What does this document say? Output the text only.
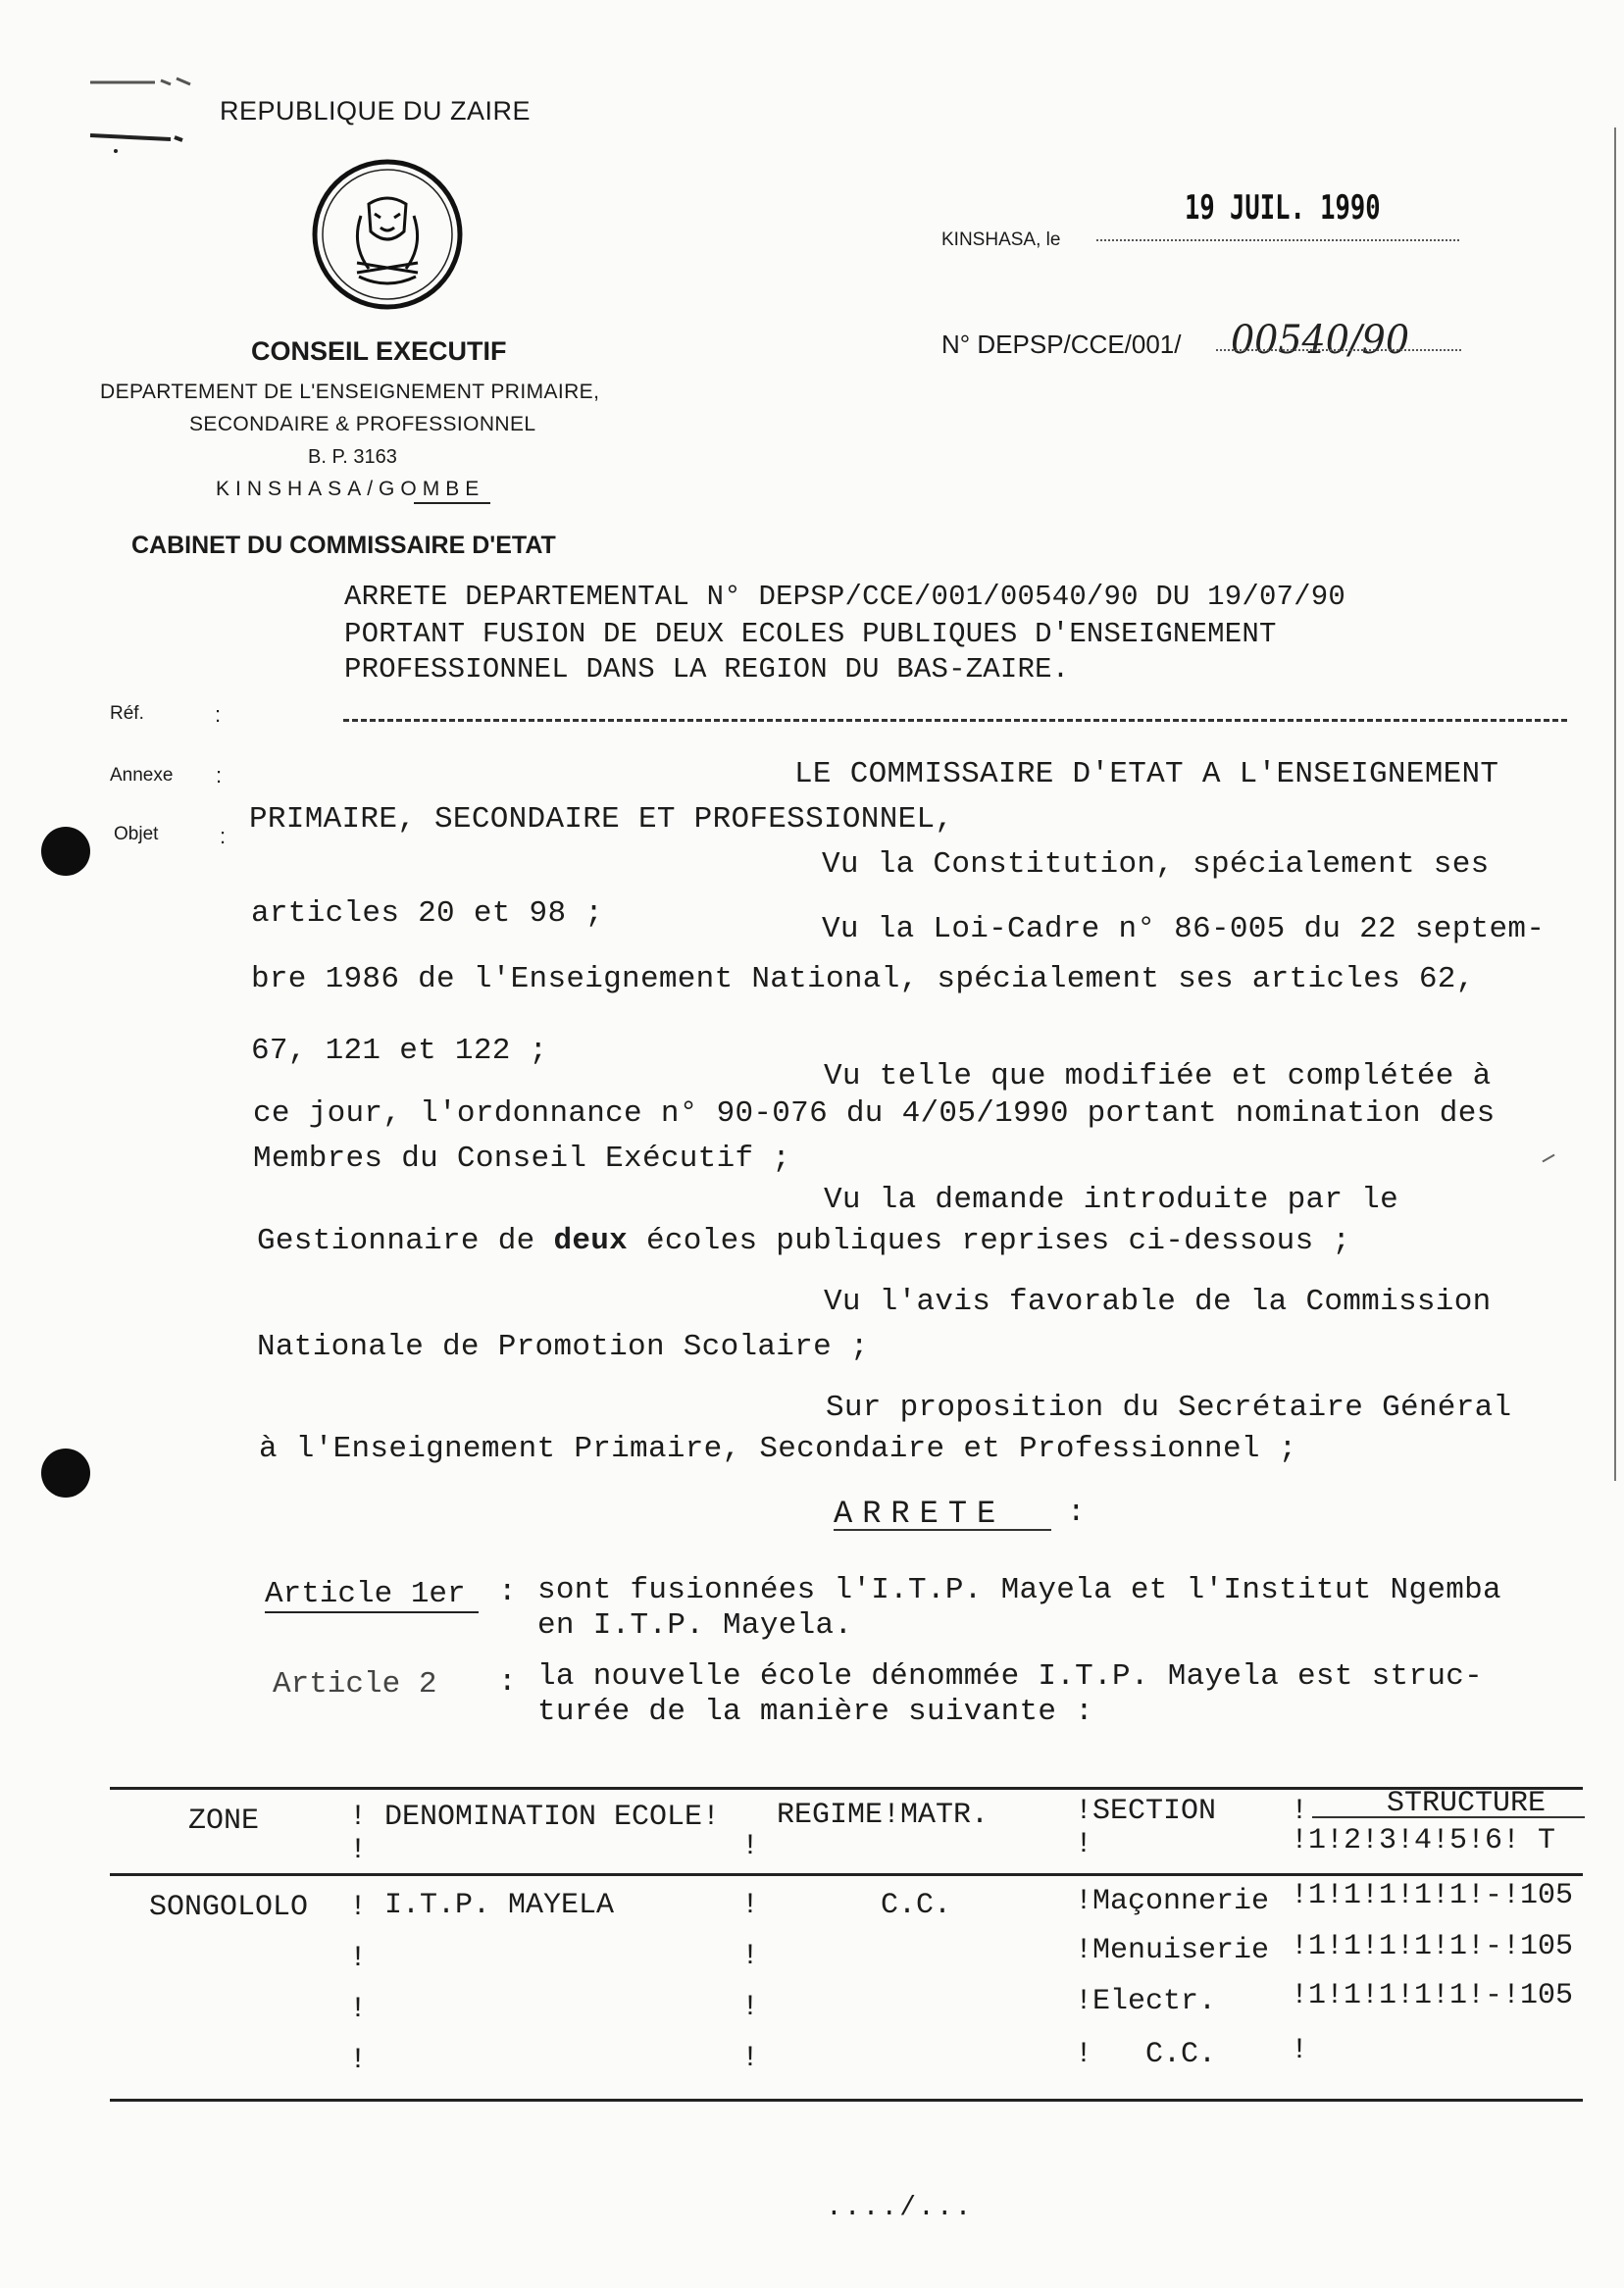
REPUBLIQUE DU ZAIRE
CONSEIL EXECUTIF
DEPARTEMENT DE L'ENSEIGNEMENT PRIMAIRE,
SECONDAIRE & PROFESSIONNEL
B. P. 3163
KINSHASA/GOMBE
CABINET DU COMMISSAIRE D'ETAT
19 JUIL. 1990
KINSHASA, le
N° DEPSP/CCE/001/ 00540/90
ARRETE DEPARTEMENTAL N° DEPSP/CCE/001/00540/90 DU 19/07/90
PORTANT FUSION DE DEUX ECOLES PUBLIQUES D'ENSEIGNEMENT
PROFESSIONNEL DANS LA REGION DU BAS-ZAIRE.
Réf.
Annexe
Objet
:
:
:
LE COMMISSAIRE D'ETAT A L'ENSEIGNEMENT
PRIMAIRE, SECONDAIRE ET PROFESSIONNEL,
Vu la Constitution, spécialement ses
articles 20 et 98 ;	Vu la Loi-Cadre n° 86-005 du 22 septem-
bre 1986 de l'Enseignement National, spécialement ses articles 62,
67, 121 et 122 ;
Vu telle que modifiée et complétée à
ce jour, l'ordonnance n° 90-076 du 4/05/1990 portant nomination des
Membres du Conseil Exécutif ;
Vu la demande introduite par le
Gestionnaire de deux écoles publiques reprises ci-dessous ;
Vu l'avis favorable de la Commission
Nationale de Promotion Scolaire ;
Sur proposition du Secrétaire Général
à l'Enseignement Primaire, Secondaire et Professionnel ;
ARRETE :
Article 1er : sont fusionnées l'I.T.P. Mayela et l'Institut Ngemba
en I.T.P. Mayela.
Article 2 : la nouvelle école dénommée I.T.P. Mayela est struc-
turée de la manière suivante :
ZONE	! DENOMINATION ECOLE! REGIME!MATR.	!SECTION	!	STRUCTURE
!1!2!3!4!5!6! T
!	!	!
SONGOLOLO ! I.T.P. MAYELA	!	C.C.	!Maçonnerie !1!1!1!1!1!-!105
!	!	!Menuiserie !1!1!1!1!1!-!105
!	!	!Electr.	!1!1!1!1!1!-!105
!	!	!   C.C.	!
..../...
